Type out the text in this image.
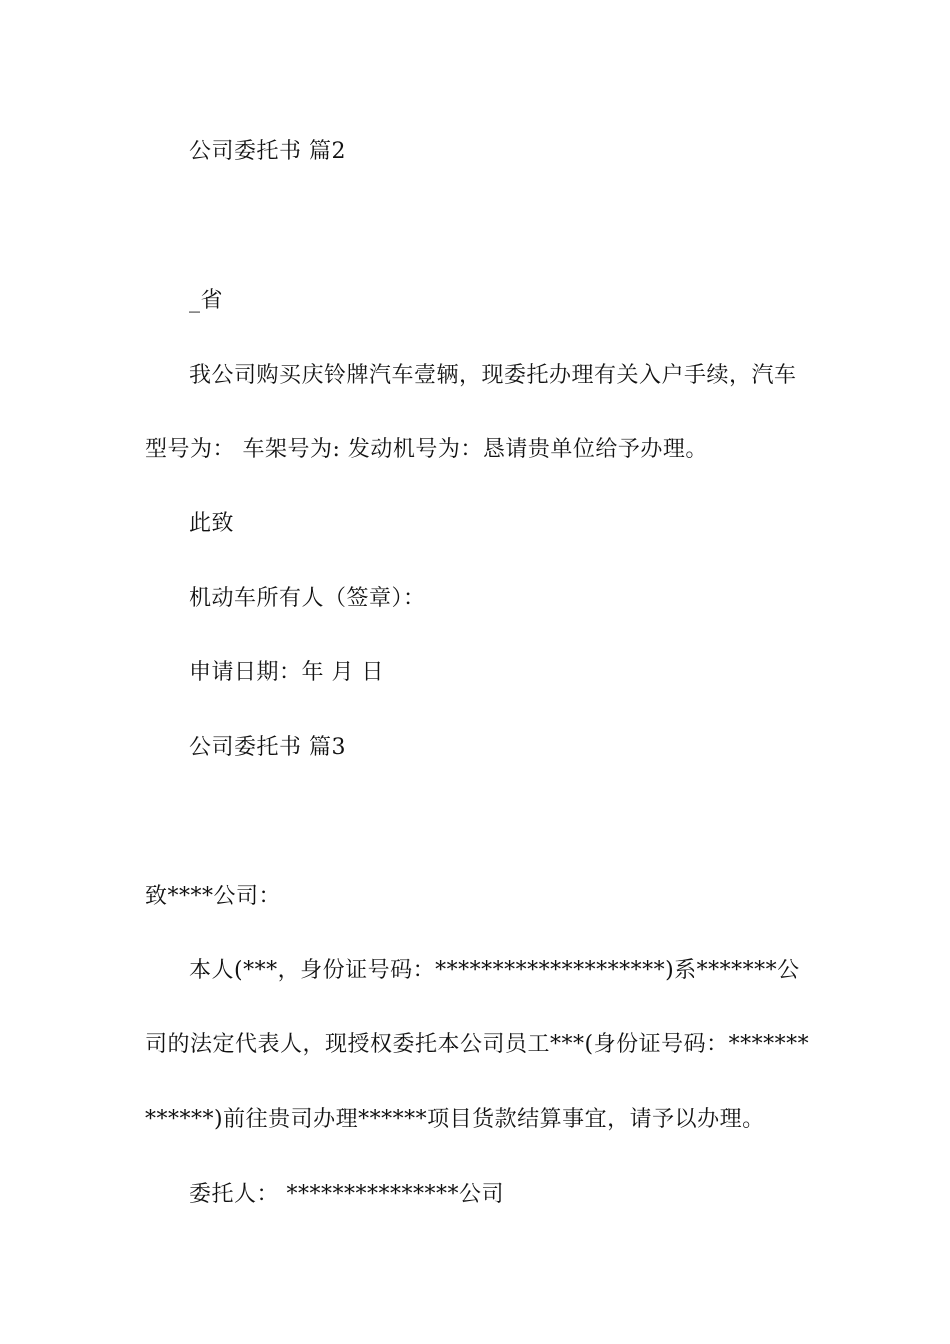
公司委托书 篇2
_省
我公司购买庆铃牌汽车壹辆，现委托办理有关入户手续，汽车
型号为： 车架号为: 发动机号为：恳请贵单位给予办理。
此致
机动车所有人（签章）：
申请日期：年 月 日
公司委托书 篇3
致****公司：
本人(***，身份证号码：********************)系*******公
司的法定代表人，现授权委托本公司员工***(身份证号码：*******
******)前往贵司办理******项目货款结算事宜，请予以办理。
委托人： ***************公司
